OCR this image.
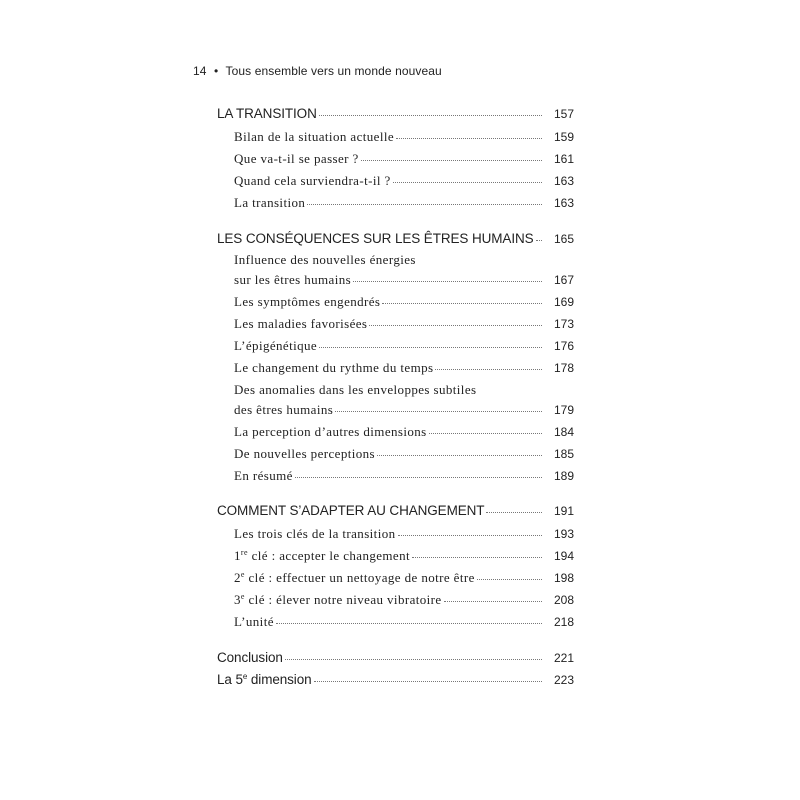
14 • Tous ensemble vers un monde nouveau
LA TRANSITION	157
Bilan de la situation actuelle	159
Que va-t-il se passer ?	161
Quand cela surviendra-t-il ?	163
La transition	163
LES CONSÉQUENCES SUR LES ÊTRES HUMAINS 165
Influence des nouvelles énergies
sur les êtres humains	167
Les symptômes engendrés	169
Les maladies favorisées	173
L’épigénétique	176
Le changement du rythme du temps	178
Des anomalies dans les enveloppes subtiles
des êtres humains	179
La perception d’autres dimensions	184
De nouvelles perceptions	185
En résumé	189
COMMENT S’ADAPTER AU CHANGEMENT	191
Les trois clés de la transition	193
1re clé : accepter le changement	194
2e clé : effectuer un nettoyage de notre être	198
3e clé : élever notre niveau vibratoire	208
L’unité	218
Conclusion	221
La 5e dimension	223
